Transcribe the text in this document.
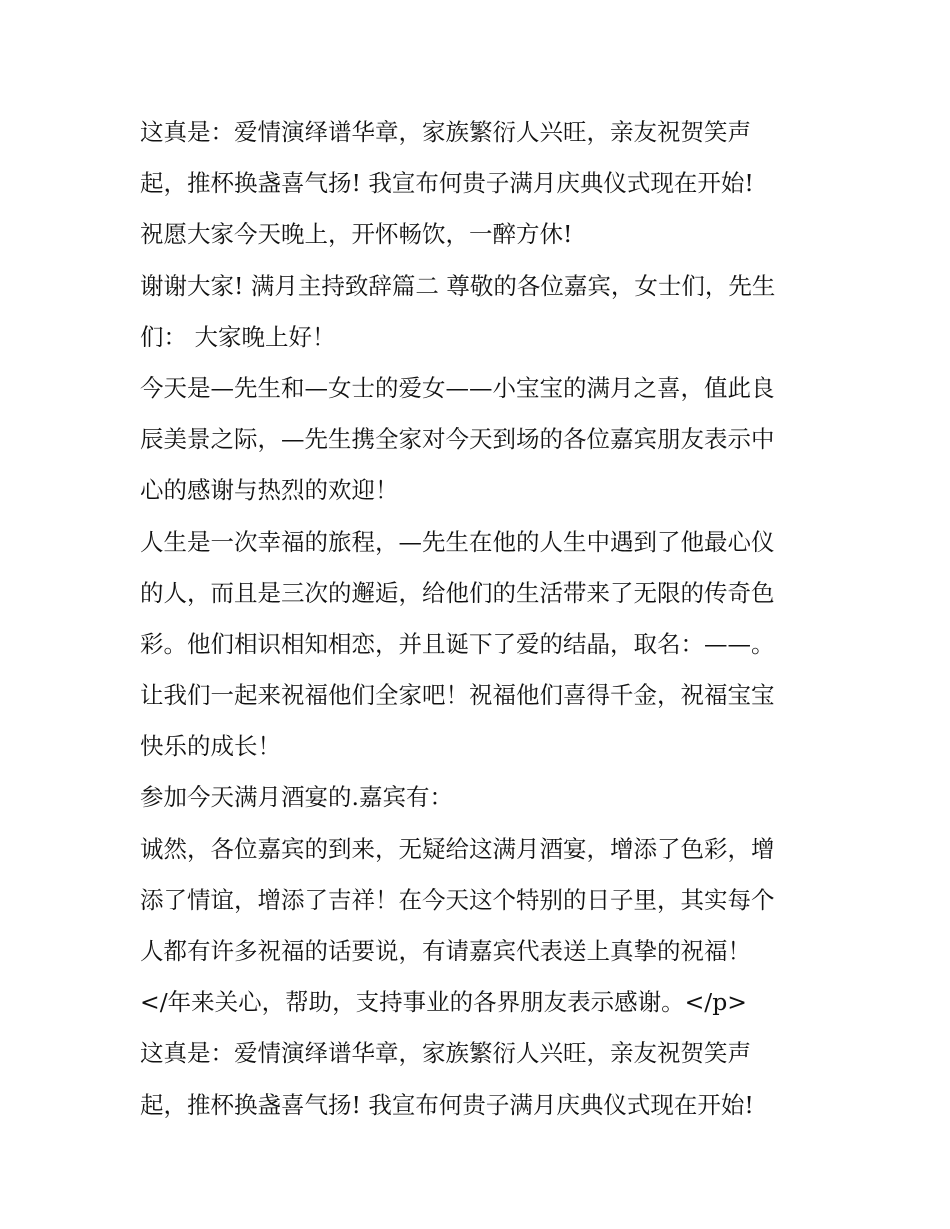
这真是：爱情演绎谱华章，家族繁衍人兴旺，亲友祝贺笑声
起，推杯换盏喜气扬! 我宣布何贵子满月庆典仪式现在开始!
祝愿大家今天晚上，开怀畅饮，一醉方休!
谢谢大家! 满月主持致辞篇二 尊敬的各位嘉宾，女士们，先生
们： 大家晚上好！
今天是—先生和—女士的爱女——小宝宝的满月之喜，值此良
辰美景之际，—先生携全家对今天到场的各位嘉宾朋友表示中
心的感谢与热烈的欢迎！
人生是一次幸福的旅程，—先生在他的人生中遇到了他最心仪
的人，而且是三次的邂逅，给他们的生活带来了无限的传奇色
彩。他们相识相知相恋，并且诞下了爱的结晶，取名：——。
让我们一起来祝福他们全家吧！祝福他们喜得千金，祝福宝宝
快乐的成长！
参加今天满月酒宴的.嘉宾有：
诚然，各位嘉宾的到来，无疑给这满月酒宴，增添了色彩，增
添了情谊，增添了吉祥！在今天这个特别的日子里，其实每个
人都有许多祝福的话要说，有请嘉宾代表送上真挚的祝福！
</年来关心，帮助，支持事业的各界朋友表示感谢。</p>
这真是：爱情演绎谱华章，家族繁衍人兴旺，亲友祝贺笑声
起，推杯换盏喜气扬! 我宣布何贵子满月庆典仪式现在开始!
